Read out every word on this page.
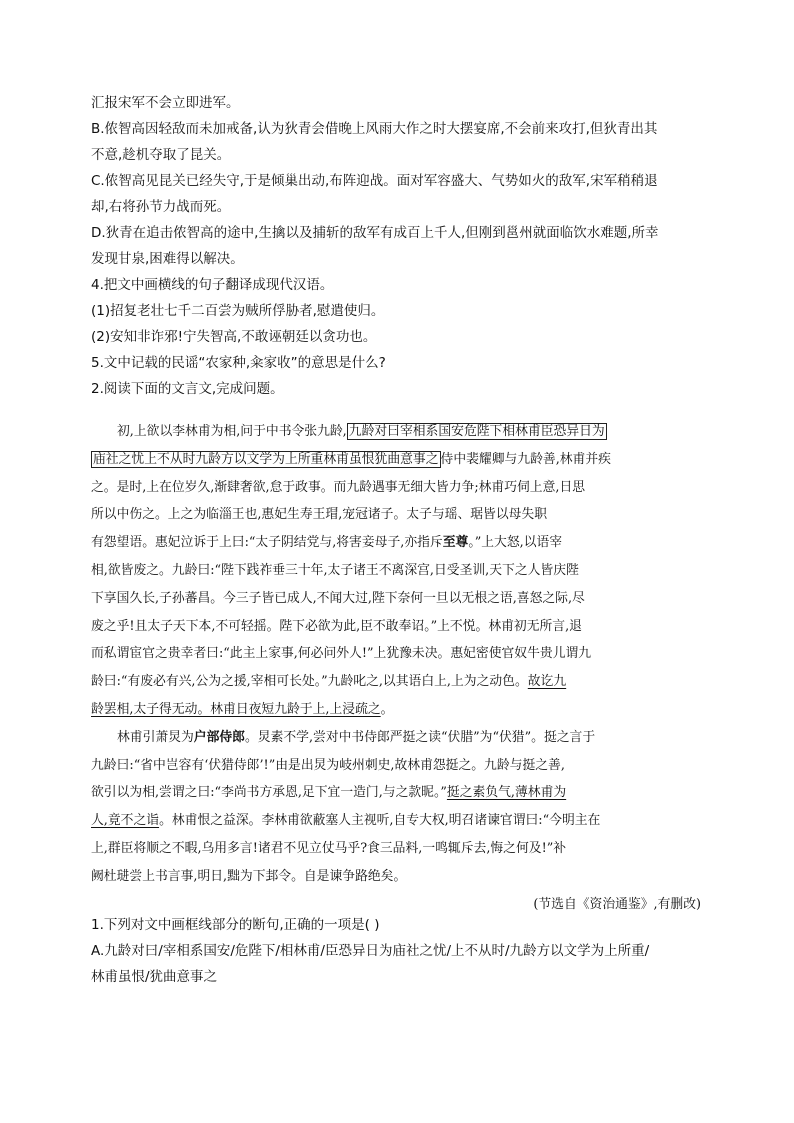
汇报宋军不会立即进军。

B.侬智高因轻敌而未加戒备,认为狄青会借晚上风雨大作之时大摆宴席,不会前来攻打,但狄青出其

不意,趁机夺取了昆关。

C.侬智高见昆关已经失守,于是倾巢出动,布阵迎战。面对军容盛大、气势如火的敌军,宋军稍稍退

却,右将孙节力战而死。

D.狄青在追击侬智高的途中,生擒以及捕斩的敌军有成百上千人,但刚到邕州就面临饮水难题,所幸

发现甘泉,困难得以解决。

4.把文中画横线的句子翻译成现代汉语。

(1)招复老壮七千二百尝为贼所俘胁者,慰遣使归。

(2)安知非诈邪!宁失智高,不敢诬朝廷以贪功也。

5.文中记载的民谣“农家种,籴家收”的意思是什么?

2.阅读下面的文言文,完成问题。

初,上欲以李林甫为相,问于中书令张九龄, 九龄对曰宰相系国安危陛下相林甫臣恐异日为

庙社之忧上不从时九龄方以文学为上所重林甫虽恨犹曲意事之 侍中裴耀卿与九龄善,林甫并疾

之。是时,上在位岁久,渐肆奢欲,怠于政事。而九龄遇事无细大皆力争;林甫巧伺上意,日思

所以中伤之。上之为临淄王也,惠妃生寿王瑁,宠冠诸子。太子与瑶、琚皆以母失职

有怨望语。惠妃泣诉于上曰:“太子阴结党与,将害妾母子,亦指斥至尊。”上大怒,以语宰

相,欲皆废之。九龄曰:“陛下践祚垂三十年,太子诸王不离深宫,日受圣训,天下之人皆庆陛

下享国久长,子孙蕃昌。今三子皆已成人,不闻大过,陛下奈何一旦以无根之语,喜怒之际,尽

废之乎!且太子天下本,不可轻摇。陛下必欲为此,臣不敢奉诏。”上不悦。林甫初无所言,退

而私谓宦官之贵幸者曰:“此主上家事,何必问外人!”上犹豫未决。惠妃密使官奴牛贵儿谓九

龄曰:“有废必有兴,公为之援,宰相可长处。”九龄叱之,以其语白上,上为之动色。故讫九

龄罢相,太子得无动。林甫日夜短九龄于上,上浸疏之。

林甫引萧炅为户部侍郎。炅素不学,尝对中书侍郎严挺之读“伏腊”为“伏猎”。挺之言于

九龄曰:“省中岂容有‘伏猎侍郎’!”由是出炅为岐州刺史,故林甫怨挺之。九龄与挺之善,

欲引以为相,尝谓之曰:“李尚书方承恩,足下宜一造门,与之款昵。”挺之素负气,薄林甫为

人,竟不之诣。林甫恨之益深。李林甫欲蔽塞人主视听,自专大权,明召诸谏官谓曰:“今明主在

上,群臣将顺之不暇,乌用多言!诸君不见立仗马乎?食三品料,一鸣辄斥去,悔之何及!”补

阙杜琎尝上书言事,明日,黜为下邽令。自是谏争路绝矣。

(节选自《资治通鉴》,有删改)

1.下列对文中画框线部分的断句,正确的一项是( )

A.九龄对曰/宰相系国安/危陛下/相林甫/臣恐异日为庙社之忧/上不从时/九龄方以文学为上所重/

林甫虽恨/犹曲意事之
